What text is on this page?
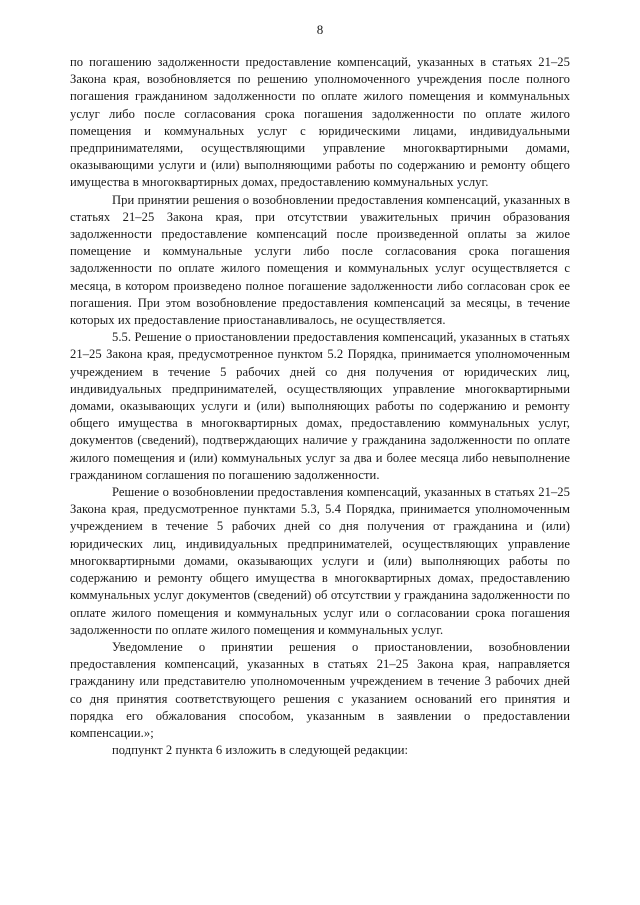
8

по погашению задолженности предоставление компенсаций, указанных в статьях 21–25 Закона края, возобновляется по решению уполномоченного учреждения после полного погашения гражданином задолженности по оплате жилого помещения и коммунальных услуг либо после согласования срока погашения задолженности по оплате жилого помещения и коммунальных услуг с юридическими лицами, индивидуальными предпринимателями, осуществляющими управление многоквартирными домами, оказывающими услуги и (или) выполняющими работы по содержанию и ремонту общего имущества в многоквартирных домах, предоставлению коммунальных услуг.

При принятии решения о возобновлении предоставления компенсаций, указанных в статьях 21–25 Закона края, при отсутствии уважительных причин образования задолженности предоставление компенсаций после произведенной оплаты за жилое помещение и коммунальные услуги либо после согласования срока погашения задолженности по оплате жилого помещения и коммунальных услуг осуществляется с месяца, в котором произведено полное погашение задолженности либо согласован срок ее погашения. При этом возобновление предоставления компенсаций за месяцы, в течение которых их предоставление приостанавливалось, не осуществляется.

5.5. Решение о приостановлении предоставления компенсаций, указанных в статьях 21–25 Закона края, предусмотренное пунктом 5.2 Порядка, принимается уполномоченным учреждением в течение 5 рабочих дней со дня получения от юридических лиц, индивидуальных предпринимателей, осуществляющих управление многоквартирными домами, оказывающих услуги и (или) выполняющих работы по содержанию и ремонту общего имущества в многоквартирных домах, предоставлению коммунальных услуг, документов (сведений), подтверждающих наличие у гражданина задолженности по оплате жилого помещения и (или) коммунальных услуг за два и более месяца либо невыполнение гражданином соглашения по погашению задолженности.

Решение о возобновлении предоставления компенсаций, указанных в статьях 21–25 Закона края, предусмотренное пунктами 5.3, 5.4 Порядка, принимается уполномоченным учреждением в течение 5 рабочих дней со дня получения от гражданина и (или) юридических лиц, индивидуальных предпринимателей, осуществляющих управление многоквартирными домами, оказывающих услуги и (или) выполняющих работы по содержанию и ремонту общего имущества в многоквартирных домах, предоставлению коммунальных услуг документов (сведений) об отсутствии у гражданина задолженности по оплате жилого помещения и коммунальных услуг или о согласовании срока погашения задолженности по оплате жилого помещения и коммунальных услуг.

Уведомление о принятии решения о приостановлении, возобновлении предоставления компенсаций, указанных в статьях 21–25 Закона края, направляется гражданину или представителю уполномоченным учреждением в течение 3 рабочих дней со дня принятия соответствующего решения с указанием оснований его принятия и порядка его обжалования способом, указанным в заявлении о предоставлении компенсации.»;

подпункт 2 пункта 6 изложить в следующей редакции:
